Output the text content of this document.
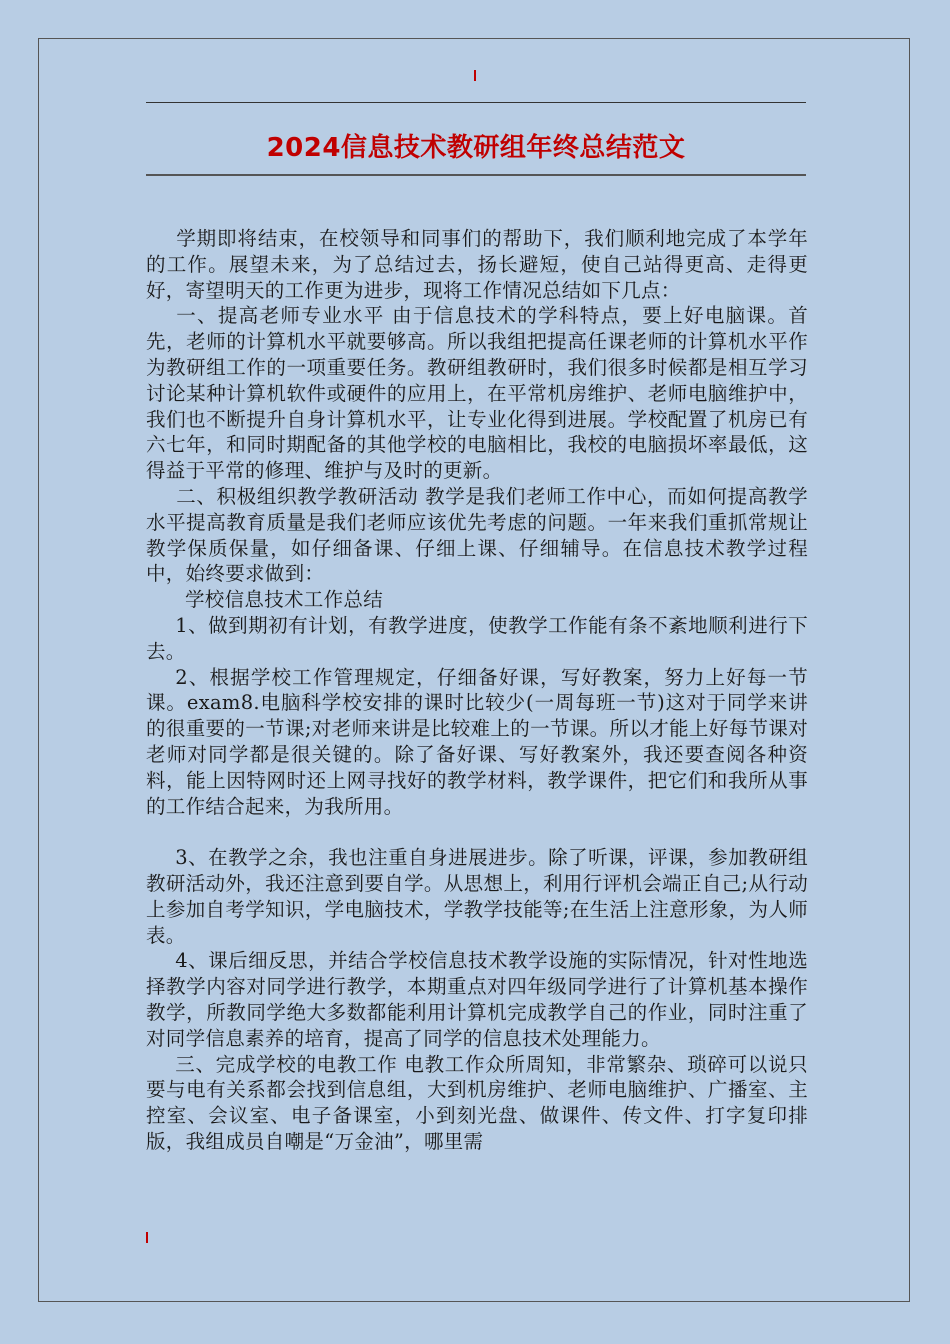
2024信息技术教研组年终总结范文

学期即将结束，在校领导和同事们的帮助下，我们顺利地完成了本学年的工作。展望未来，为了总结过去，扬长避短，使自己站得更高、走得更好，寄望明天的工作更为进步，现将工作情况总结如下几点：

一、提高老师专业水平 由于信息技术的学科特点，要上好电脑课。首先，老师的计算机水平就要够高。所以我组把提高任课老师的计算机水平作为教研组工作的一项重要任务。教研组教研时，我们很多时候都是相互学习讨论某种计算机软件或硬件的应用上，在平常机房维护、老师电脑维护中，我们也不断提升自身计算机水平，让专业化得到进展。学校配置了机房已有六七年，和同时期配备的其他学校的电脑相比，我校的电脑损坏率最低，这得益于平常的修理、维护与及时的更新。

二、积极组织教学教研活动 教学是我们老师工作中心，而如何提高教学水平提高教育质量是我们老师应该优先考虑的问题。一年来我们重抓常规让教学保质保量，如仔细备课、仔细上课、仔细辅导。在信息技术教学过程中，始终要求做到：

学校信息技术工作总结

1、做到期初有计划，有教学进度，使教学工作能有条不紊地顺利进行下去。

2、根据学校工作管理规定，仔细备好课，写好教案，努力上好每一节课。exam8.电脑科学校安排的课时比较少(一周每班一节)这对于同学来讲的很重要的一节课;对老师来讲是比较难上的一节课。所以才能上好每节课对老师对同学都是很关键的。除了备好课、写好教案外，我还要查阅各种资料，能上因特网时还上网寻找好的教学材料，教学课件，把它们和我所从事的工作结合起来，为我所用。

3、在教学之余，我也注重自身进展进步。除了听课，评课，参加教研组教研活动外，我还注意到要自学。从思想上，利用行评机会端正自己;从行动上参加自考学知识，学电脑技术，学教学技能等;在生活上注意形象，为人师表。

4、课后细反思，并结合学校信息技术教学设施的实际情况，针对性地选择教学内容对同学进行教学，本期重点对四年级同学进行了计算机基本操作教学，所教同学绝大多数都能利用计算机完成教学自己的作业，同时注重了对同学信息素养的培育，提高了同学的信息技术处理能力。

三、完成学校的电教工作 电教工作众所周知，非常繁杂、琐碎可以说只要与电有关系都会找到信息组，大到机房维护、老师电脑维护、广播室、主控室、会议室、电子备课室，小到刻光盘、做课件、传文件、打字复印排版，我组成员自嘲是“万金油”，哪里需
